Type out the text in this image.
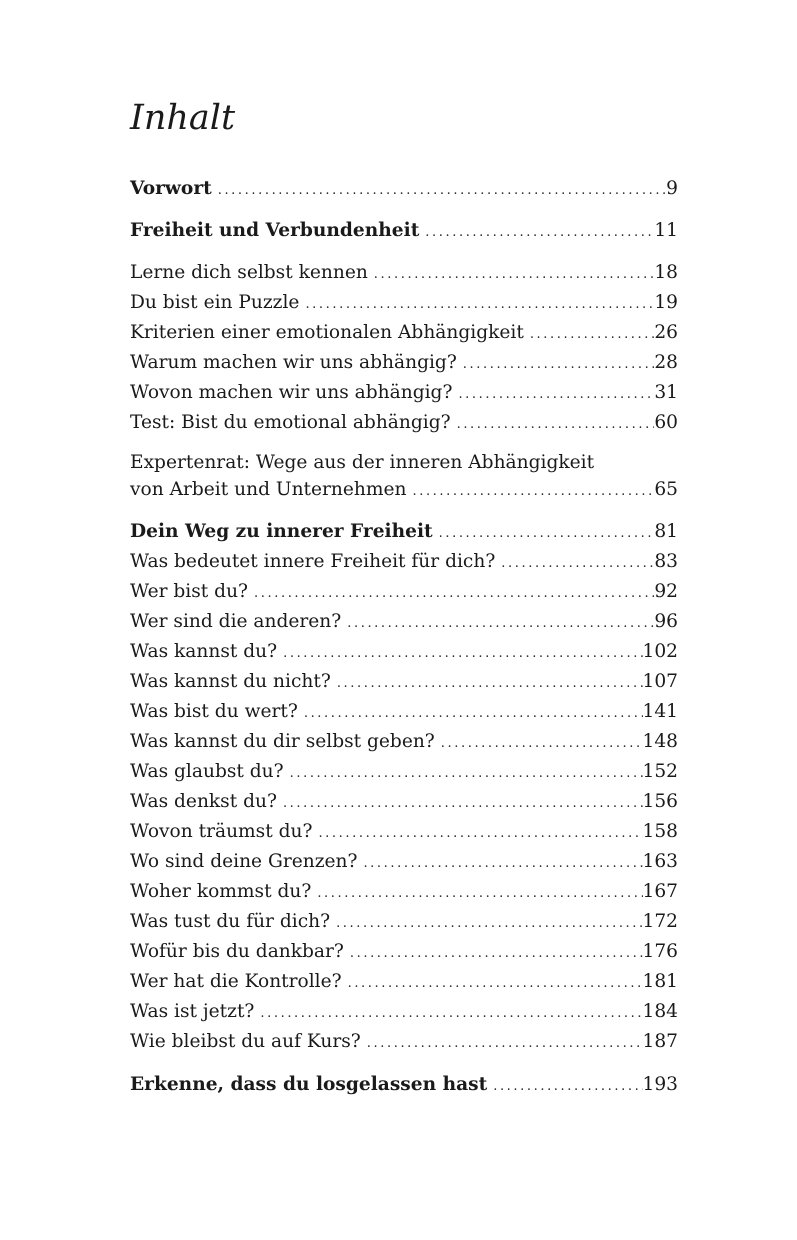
Inhalt
Vorwort .....	9
Freiheit und Verbundenheit .....	11
Lerne dich selbst kennen .....	18
Du bist ein Puzzle .....	19
Kriterien einer emotionalen Abhängigkeit .....	26
Warum machen wir uns abhängig? .....	28
Wovon machen wir uns abhängig? .....	31
Test: Bist du emotional abhängig? .....	60
Expertenrat: Wege aus der inneren Abhängigkeit
von Arbeit und Unternehmen .....	65
Dein Weg zu innerer Freiheit .....	81
Was bedeutet innere Freiheit für dich? .....	83
Wer bist du? .....	92
Wer sind die anderen? .....	96
Was kannst du? .....	102
Was kannst du nicht? .....	107
Was bist du wert? .....	141
Was kannst du dir selbst geben? .....	148
Was glaubst du? .....	152
Was denkst du? .....	156
Wovon träumst du? .....	158
Wo sind deine Grenzen? .....	163
Woher kommst du? .....	167
Was tust du für dich? .....	172
Wofür bis du dankbar? .....	176
Wer hat die Kontrolle? .....	181
Was ist jetzt? .....	184
Wie bleibst du auf Kurs? .....	187
Erkenne, dass du losgelassen hast .....	193
